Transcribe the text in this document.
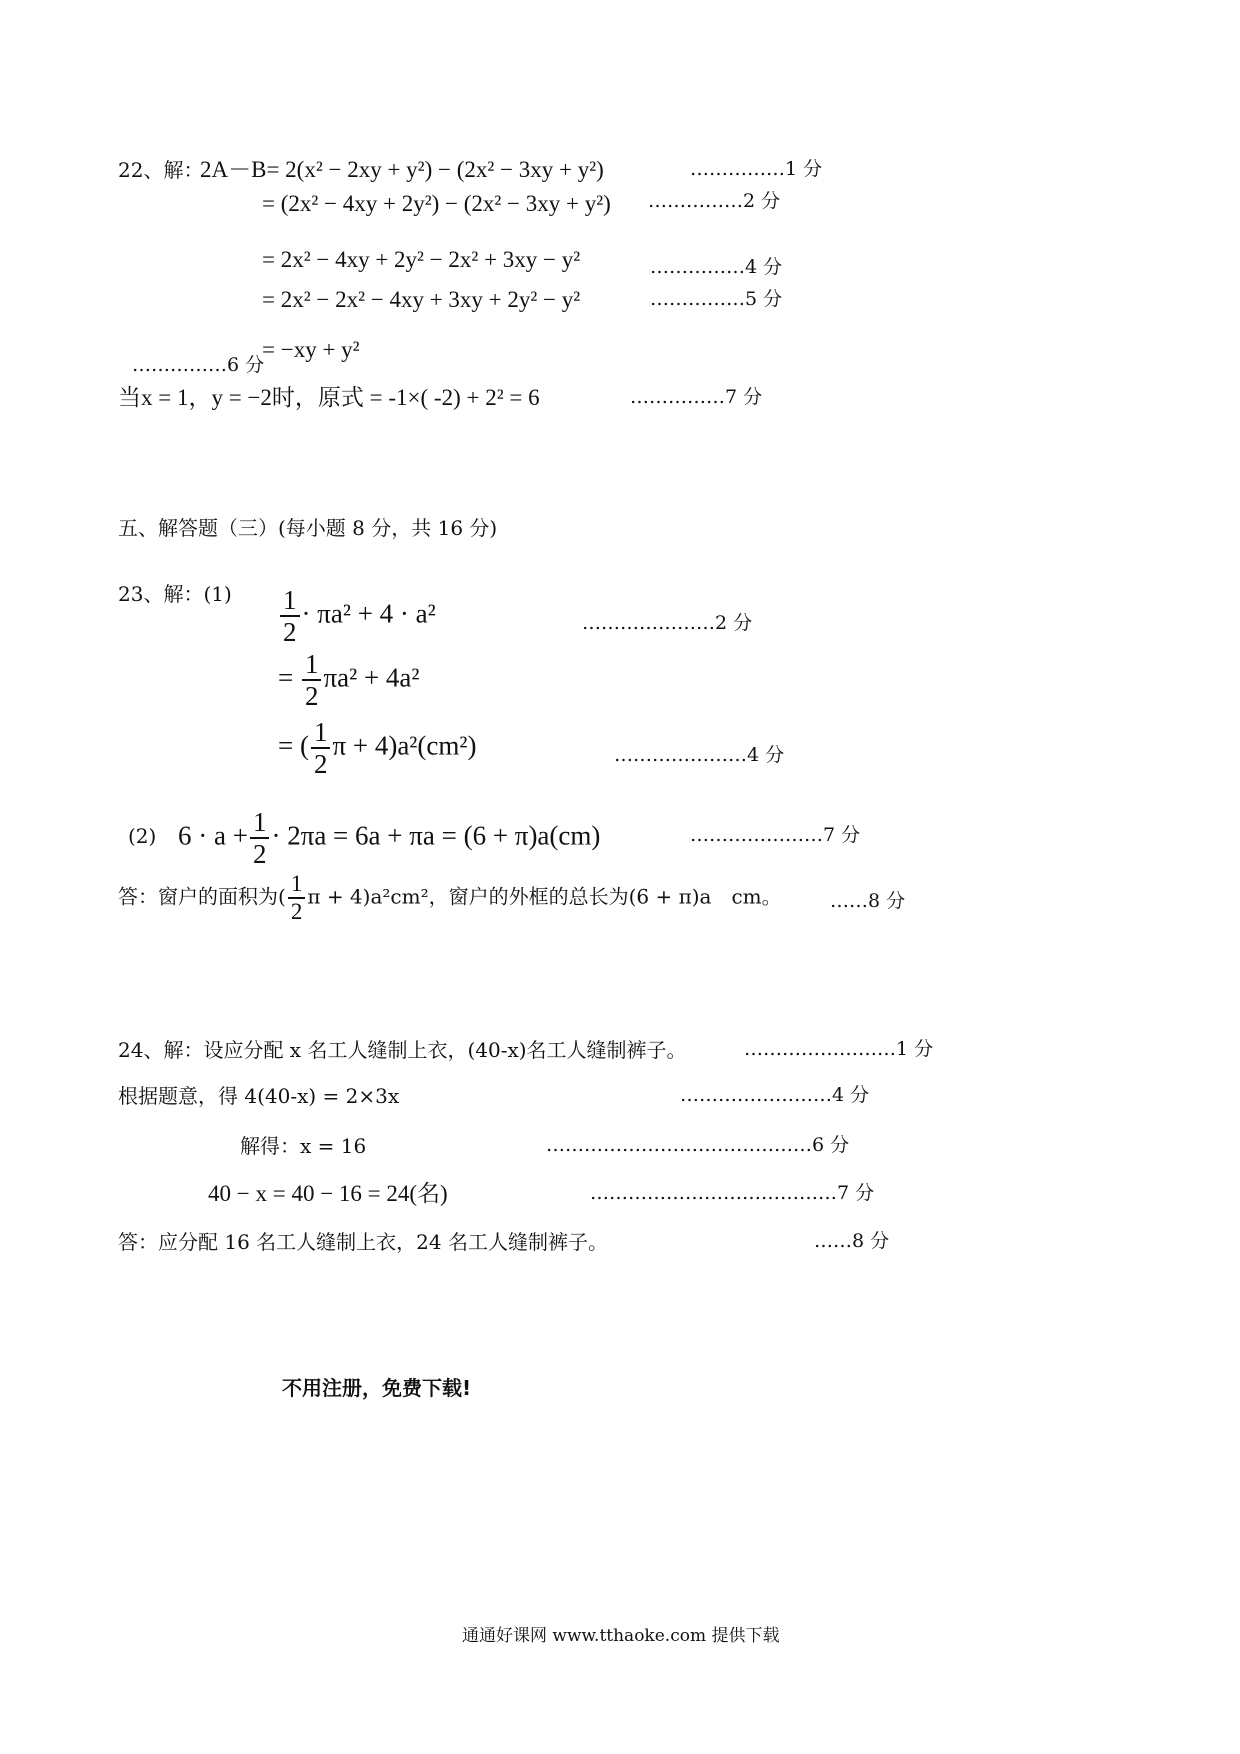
22、解：
2A－B= 2(x² − 2xy + y²) − (2x² − 3xy + y²)	……………1 分
= (2x² − 4xy + 2y²) − (2x² − 3xy + y²) ……………2 分
= 2x² − 4xy + 2y² − 2x² + 3xy − y²	……………4 分
= 2x² − 2x² − 4xy + 3xy + 2y² − y²	……………5 分
= −xy + y²
……………6 分
当x = 1，y = −2时，原式 = -1×( -2) + 2² = 6	……………7 分
五、解答题（三）(每小题 8 分，共 16 分)
23、解：$(1) \frac{1}{2} \cdot \pi a^2 + 4 \cdot a^2$	…………………2 分
= $\frac{1}{2} \pi a^2 + 4a^2$
= ( $\frac{1}{2}$ π + 4)a²(cm²)	…………………4 分
(2) $6 \cdot a + \frac{1}{2} \cdot 2\pi a = 6a + \pi a = (6 + \pi)a(cm)$	…………………7 分
答：窗户的面积为( $\frac{1}{2}$ π + 4)a²cm²，窗户的外框的总长为(6 + π)a　cm。	……8 分
24、解：设应分配 x 名工人缝制上衣，(40-x)名工人缝制裤子。	……………………1 分
根据题意，得 4(40-x) = 2×3x	……………………4 分
解得：x = 16	……………………………………6 分
40 − x = 40 − 16 = 24(名)	…………………………………7 分
答：应分配 16 名工人缝制上衣，24 名工人缝制裤子。	……8 分
不用注册，免费下载!
通通好课网 www.tthaoke.com 提供下载
